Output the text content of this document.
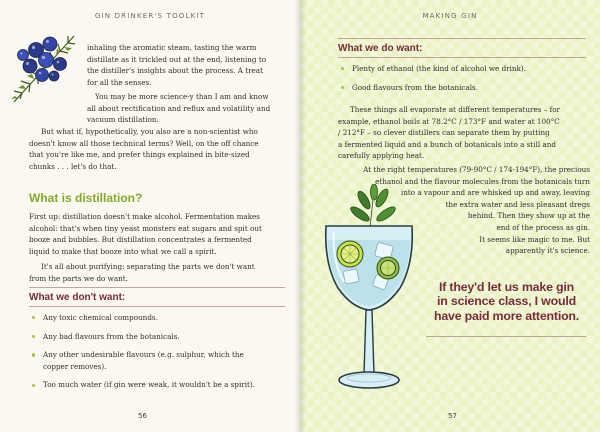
GIN DRINKER'S TOOLKIT
inhaling the aromatic steam, tasting the warm
distillate as it trickled out at the end, listening to
the distiller's insights about the process. A treat
for all the senses.
You may be more science-y than I am and know
all about rectification and reflux and volatility and
vacuum distillation.
But what if, hypothetically, you also are a non-scientist who
doesn't know all those technical terms? Well, on the off chance
that you're like me, and prefer things explained in bite-sized
chunks . . . let's do that.
What is distillation?
First up: distillation doesn't make alcohol. Fermentation makes
alcohol: that's when tiny yeast monsters eat sugars and spit out
booze and bubbles. But distillation concentrates a fermented
liquid to make that booze into what we call a spirit.
It's all about purifying: separating the parts we don't want
from the parts we do want.
What we don't want:
Any toxic chemical compounds.
Any bad flavours from the botanicals.
Any other undesirable flavours (e.g. sulphur, which the
copper removes).
Too much water (if gin were weak, it wouldn't be a spirit).
56
MAKING GIN
What we do want:
Plenty of ethanol (the kind of alcohol we drink).
Good flavours from the botanicals.
These things all evaporate at different temperatures – for
example, ethanol boils at 78.2°C / 173°F and water at 100°C
/ 212°F – so clever distillers can separate them by putting
a fermented liquid and a bunch of botanicals into a still and
carefully applying heat.
At the right temperatures (79-90°C / 174-194°F), the precious
ethanol and the flavour molecules from the botanicals turn
into a vapour and are whisked up and away, leaving
the extra water and less pleasant dregs
behind. Then they show up at the
end of the process as gin.
It seems like magic to me. But
apparently it's science.
57
If they'd let us make gin
in science class, I would
have paid more attention.
